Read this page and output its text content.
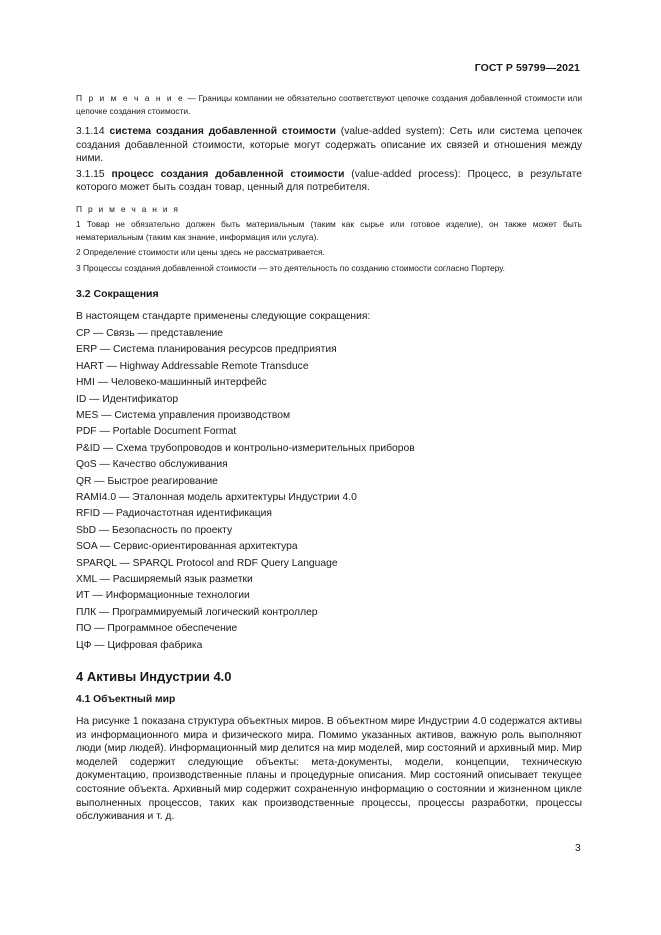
ГОСТ Р 59799—2021

П р и м е ч а н и е — Границы компании не обязательно соответствуют цепочке создания добавленной стоимости или цепочке создания стоимости.

3.1.14 система создания добавленной стоимости (value-added system): Сеть или система цепочек создания добавленной стоимости, которые могут содержать описание их связей и отношения между ними.

3.1.15 процесс создания добавленной стоимости (value-added process): Процесс, в результате которого может быть создан товар, ценный для потребителя.

П р и м е ч а н и я

1 Товар не обязательно должен быть материальным (таким как сырье или готовое изделие), он также может быть нематериальным (таким как знание, информация или услуга).

2 Определение стоимости или цены здесь не рассматривается.

3 Процессы создания добавленной стоимости — это деятельность по созданию стоимости согласно Портеру.

3.2 Сокращения
В настоящем стандарте применены следующие сокращения:
CP — Связь — представление
ERP — Система планирования ресурсов предприятия
HART — Highway Addressable Remote Transduce
HMI — Человеко-машинный интерфейс
ID — Идентификатор
MES — Система управления производством
PDF — Portable Document Format
P&ID — Схема трубопроводов и контрольно-измерительных приборов
QoS — Качество обслуживания
QR — Быстрое реагирование
RAMI4.0 — Эталонная модель архитектуры Индустрии 4.0
RFID — Радиочастотная идентификация
SbD — Безопасность по проекту
SOA — Сервис-ориентированная архитектура
SPARQL — SPARQL Protocol and RDF Query Language
XML — Расширяемый язык разметки
ИТ — Информационные технологии
ПЛК — Программируемый логический контроллер
ПО — Программное обеспечение
ЦФ — Цифровая фабрика
4 Активы Индустрии 4.0
4.1 Объектный мир

На рисунке 1 показана структура объектных миров. В объектном мире Индустрии 4.0 содержатся активы из информационного мира и физического мира. Помимо указанных активов, важную роль выполняют люди (мир людей). Информационный мир делится на мир моделей, мир состояний и архивный мир. Мир моделей содержит следующие объекты: мета-документы, модели, концепции, техническую документацию, производственные планы и процедурные описания. Мир состояний описывает текущее состояние объекта. Архивный мир содержит сохраненную информацию о состоянии и жизненном цикле выполненных процессов, таких как производственные процессы, процессы разработки, процессы обслуживания и т. д.

3
